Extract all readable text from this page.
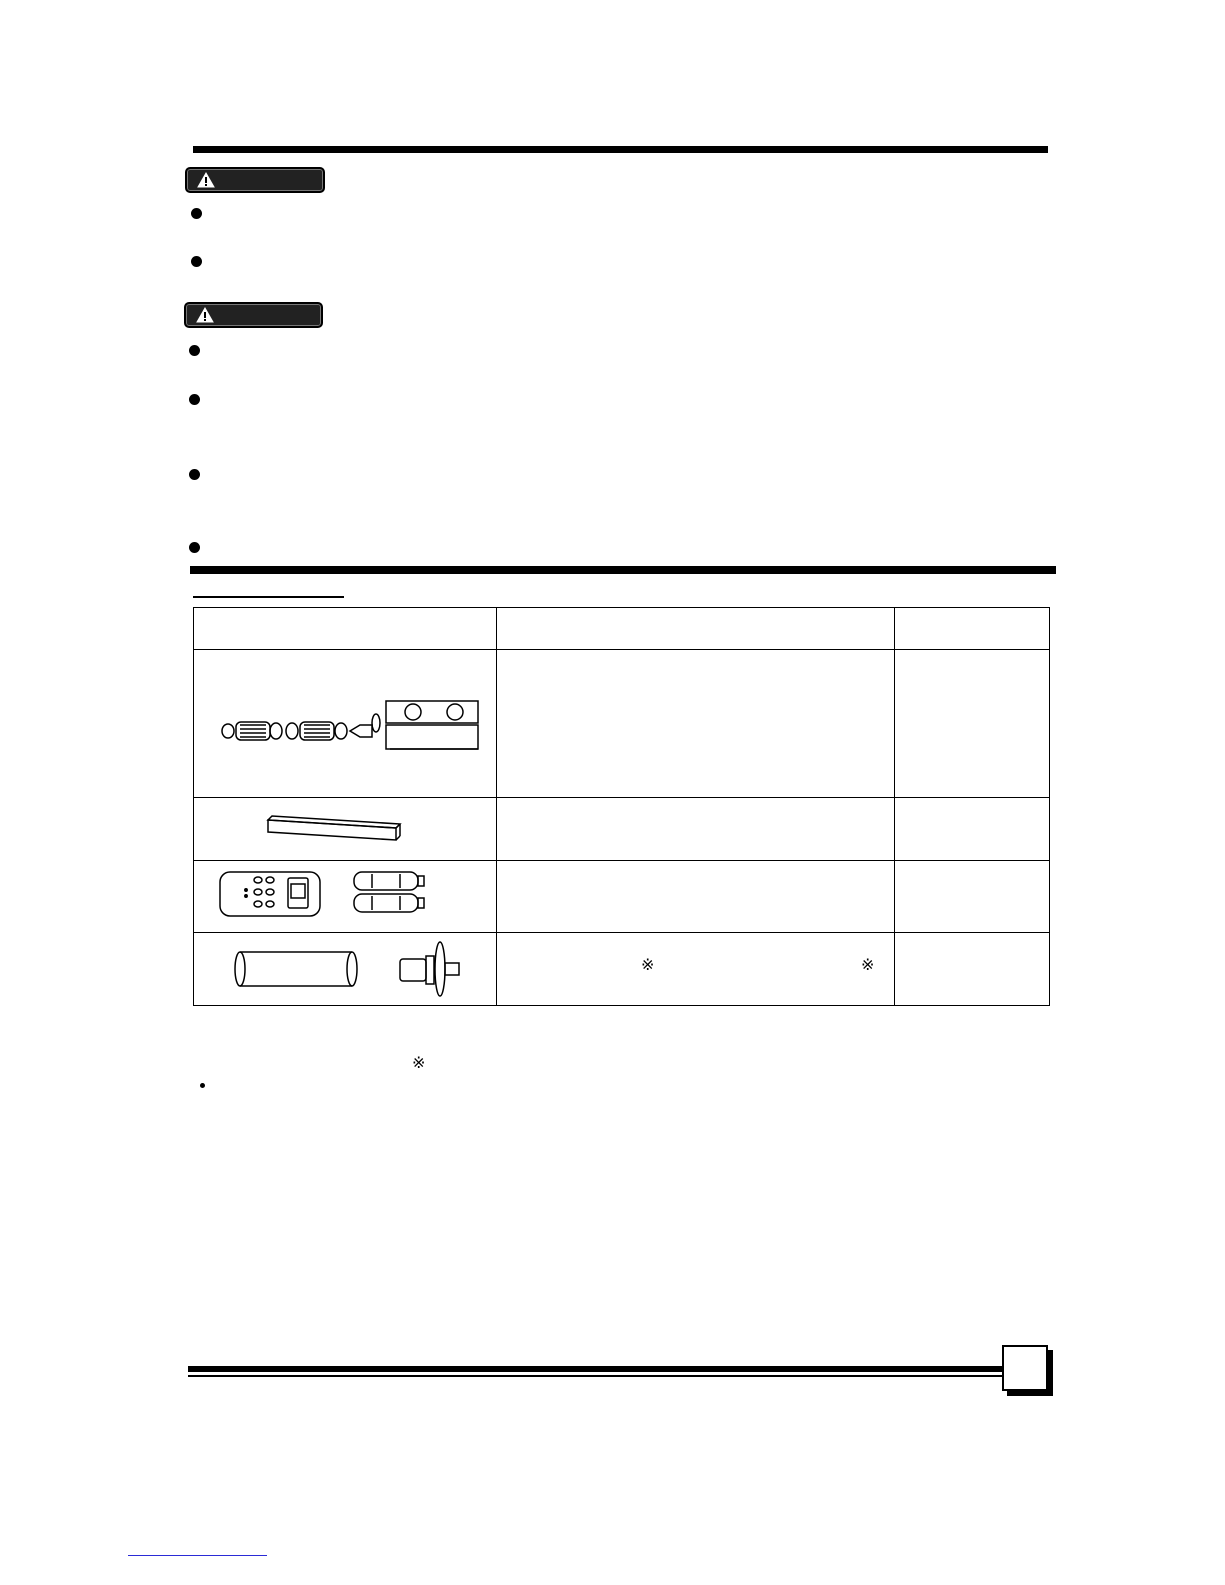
※ ※	

※
